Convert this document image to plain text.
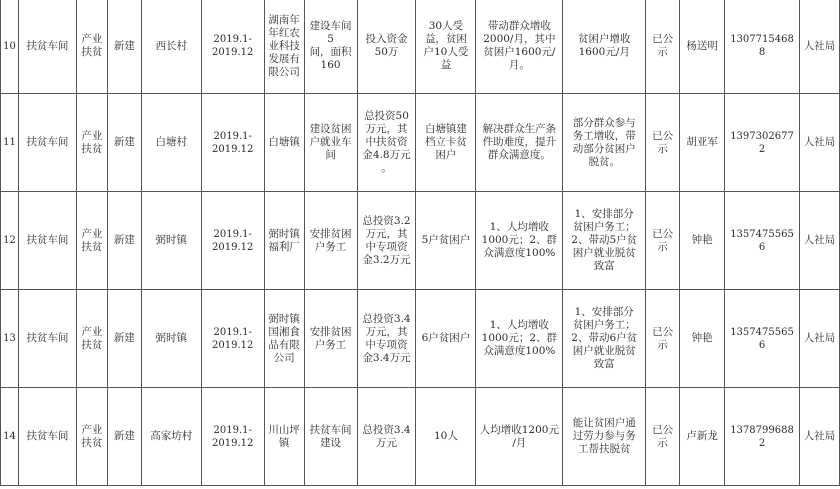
10	扶贫车间	产业
扶贫	新建	西长村	2019.1-
2019.12	湖南年
年红农
业科技
发展有
限公司	建设车间5
间，面积
160	投入资金
50万	30人受
益，贫困
户10人受
益	带动群众增收
2000/月，其中
贫困户1600元/
月。	贫困户增收
1600元/月	已公
示	杨送明	13077154688	人社局

11	扶贫车间	产业
扶贫	新建	白塘村	2019.1-
2019.12	白塘镇	建设贫困
户就业车
间	总投资50
万元，其
中扶贫资
金4.8万元
。	白塘镇建
档立卡贫
困户	解决群众生产条
件助难度，提升
群众满意度。	部分群众参与
务工增收，带
动部分贫困户
脱贫。	已公
示	胡亚军	13973026772	人社局

12	扶贫车间	产业
扶贫	新建	弼时镇	2019.1-
2019.12	弼时镇
福利厂	安排贫困
户务工	总投资3.2
万元，其
中专项资
金3.2万元	5户贫困户	1、人均增收
1000元；2、群
众满意度100%	1、安排部分
贫困户务工；
2、带动5户贫
困户就业脱贫
致富	已公
示	钟艳	13574755656	人社局

13	扶贫车间	产业
扶贫	新建	弼时镇	2019.1-
2019.12	弼时镇
国湘食
品有限
公司	安排贫困
户务工	总投资3.4
万元，其
中专项资
金3.4万元	6户贫困户	1、人均增收
1000元；2、群
众满意度100%	1、安排部分
贫困户务工；
2、带动6户贫
困户就业脱贫
致富	已公
示	钟艳	13574755656	人社局

14	扶贫车间	产业
扶贫	新建	高家坊村	2019.1-
2019.12	川山坪
镇	扶贫车间
建设	总投资3.4
万元	10人	人均增收1200元
/月	能让贫困户通
过劳力参与务
工帮扶脱贫	已公
示	卢新龙	13787996882	人社局
